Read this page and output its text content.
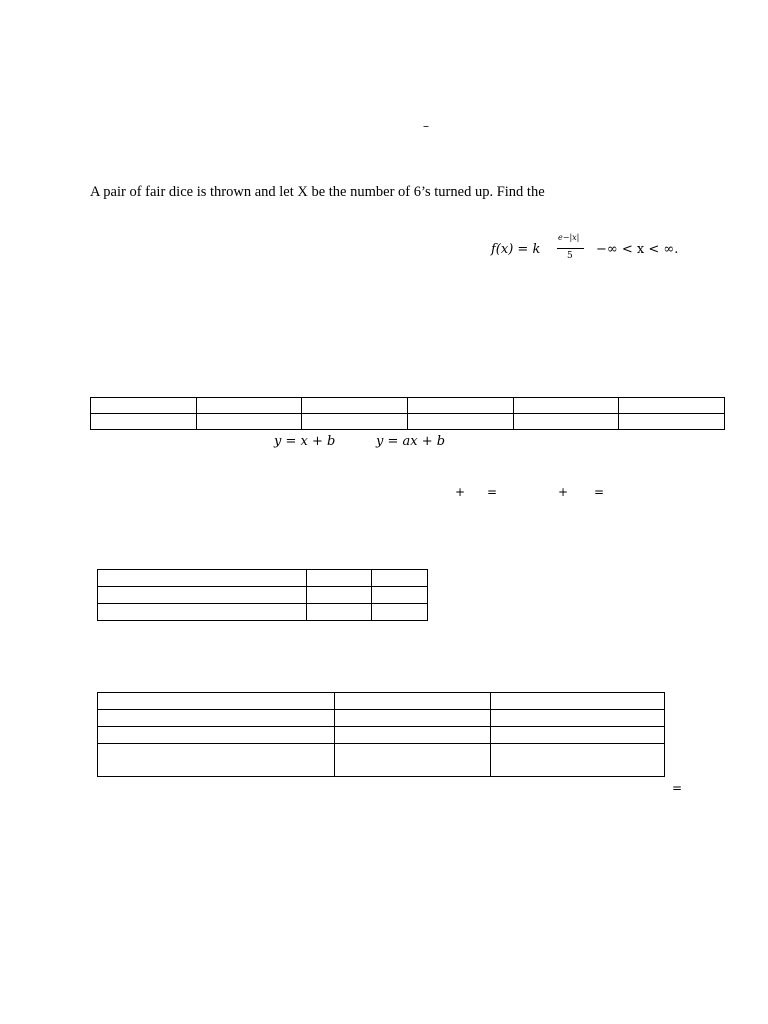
–
A pair of fair dice is thrown and let X be the number of 6’s turned up. Find the
f(x) = k
e−|x|
5 −∞ < x < ∞.

y = x + b	y = ax + b
+ =	+ =

=
